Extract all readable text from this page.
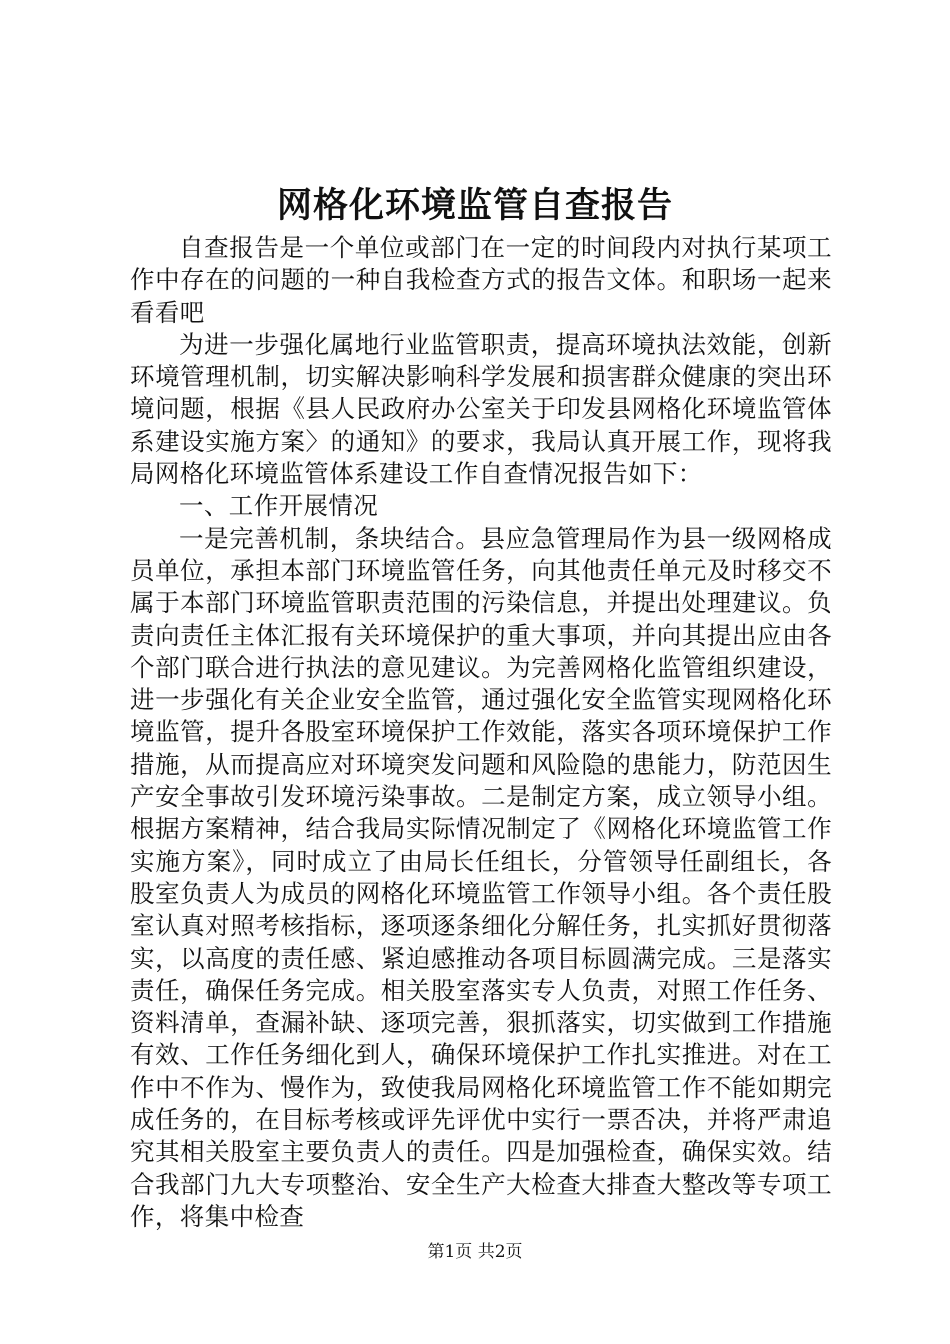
网格化环境监管自查报告

自查报告是一个单位或部门在一定的时间段内对执行某项工作中存在的问题的一种自我检查方式的报告文体。和职场一起来看看吧

为进一步强化属地行业监管职责，提高环境执法效能，创新环境管理机制，切实解决影响科学发展和损害群众健康的突出环境问题，根据《县人民政府办公室关于印发县网格化环境监管体系建设实施方案〉的通知》的要求，我局认真开展工作，现将我局网格化环境监管体系建设工作自查情况报告如下：

一、工作开展情况

一是完善机制，条块结合。县应急管理局作为县一级网格成员单位，承担本部门环境监管任务，向其他责任单元及时移交不属于本部门环境监管职责范围的污染信息，并提出处理建议。负责向责任主体汇报有关环境保护的重大事项，并向其提出应由各个部门联合进行执法的意见建议。为完善网格化监管组织建设，进一步强化有关企业安全监管，通过强化安全监管实现网格化环境监管，提升各股室环境保护工作效能，落实各项环境保护工作措施，从而提高应对环境突发问题和风险隐的患能力，防范因生产安全事故引发环境污染事故。二是制定方案，成立领导小组。根据方案精神，结合我局实际情况制定了《网格化环境监管工作实施方案》，同时成立了由局长任组长，分管领导任副组长，各股室负责人为成员的网格化环境监管工作领导小组。各个责任股室认真对照考核指标，逐项逐条细化分解任务，扎实抓好贯彻落实，以高度的责任感、紧迫感推动各项目标圆满完成。三是落实责任，确保任务完成。相关股室落实专人负责，对照工作任务、资料清单，查漏补缺、逐项完善，狠抓落实，切实做到工作措施有效、工作任务细化到人，确保环境保护工作扎实推进。对在工作中不作为、慢作为，致使我局网格化环境监管工作不能如期完成任务的，在目标考核或评先评优中实行一票否决，并将严肃追究其相关股室主要负责人的责任。四是加强检查，确保实效。结合我部门九大专项整治、安全生产大检查大排查大整改等专项工作，将集中检查

第1页 共2页
